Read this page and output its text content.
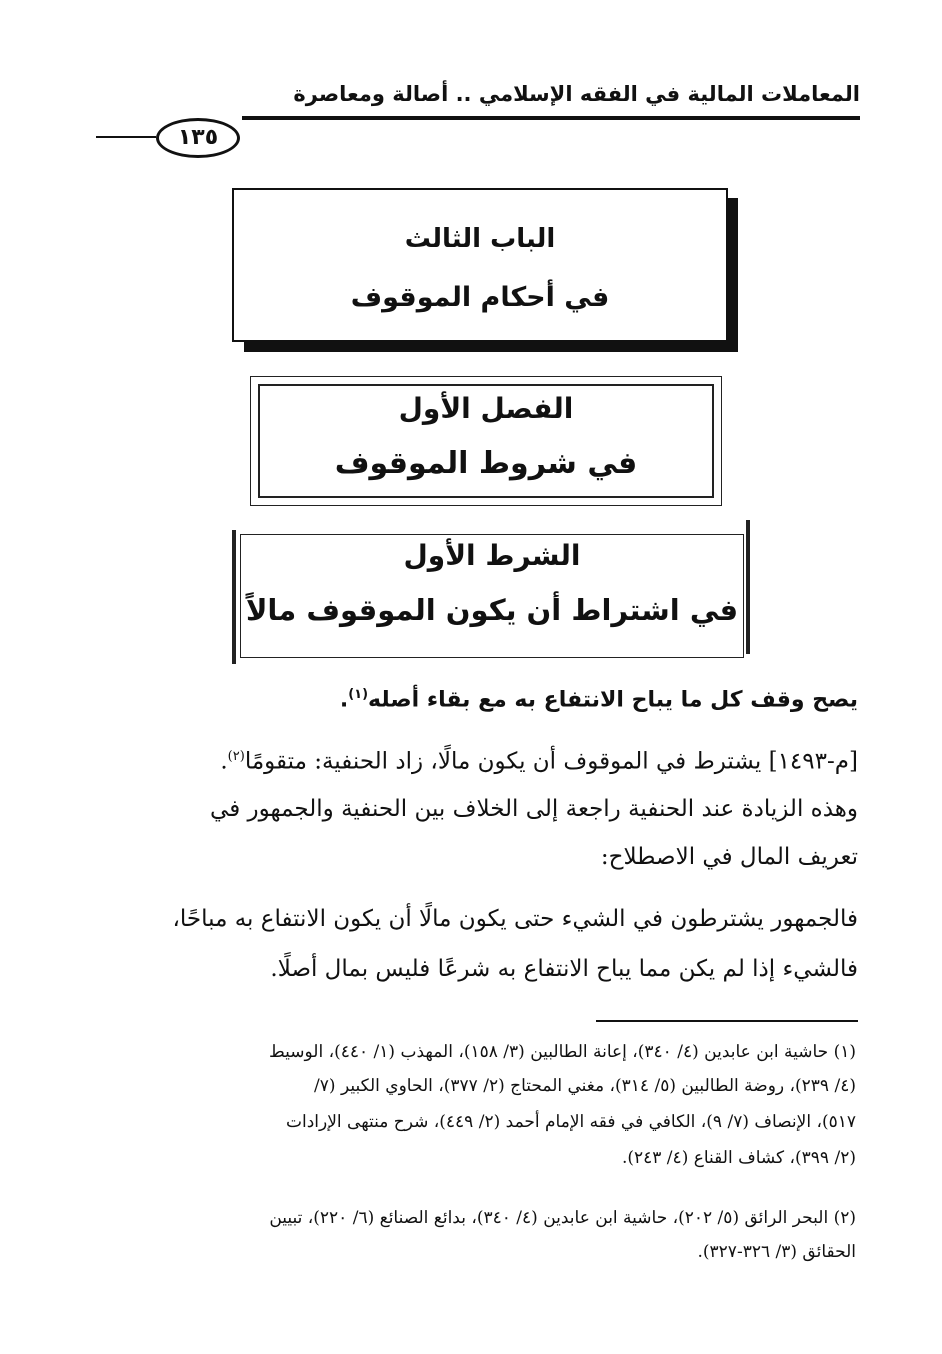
المعاملات المالية في الفقه الإسلامي .. أصالة ومعاصرة
١٣٥
الباب الثالث
في أحكام الموقوف
الفصل الأول
في شروط الموقوف
الشرط الأول
في اشتراط أن يكون الموقوف مالاً
يصح وقف كل ما يباح الانتفاع به مع بقاء أصله$^{(١)}$.
[م-١٤٩٣] يشترط في الموقوف أن يكون مالًا، زاد الحنفية: متقومًا$^{(٢)}$.
وهذه الزيادة عند الحنفية راجعة إلى الخلاف بين الحنفية والجمهور في
تعريف المال في الاصطلاح:
فالجمهور يشترطون في الشيء حتى يكون مالًا أن يكون الانتفاع به مباحًا،
فالشيء إذا لم يكن مما يباح الانتفاع به شرعًا فليس بمال أصلًا.
(١) حاشية ابن عابدين (٤/ ٣٤٠)، إعانة الطالبين (٣/ ١٥٨)، المهذب (١/ ٤٤٠)، الوسيط
(٤/ ٢٣٩)، روضة الطالبين (٥/ ٣١٤)، مغني المحتاج (٢/ ٣٧٧)، الحاوي الكبير (٧/
٥١٧)، الإنصاف (٧/ ٩)، الكافي في فقه الإمام أحمد (٢/ ٤٤٩)، شرح منتهى الإرادات
(٢/ ٣٩٩)، كشاف القناع (٤/ ٢٤٣).
(٢) البحر الرائق (٥/ ٢٠٢)، حاشية ابن عابدين (٤/ ٣٤٠)، بدائع الصنائع (٦/ ٢٢٠)، تبيين
الحقائق (٣/ ٣٢٦-٣٢٧).
